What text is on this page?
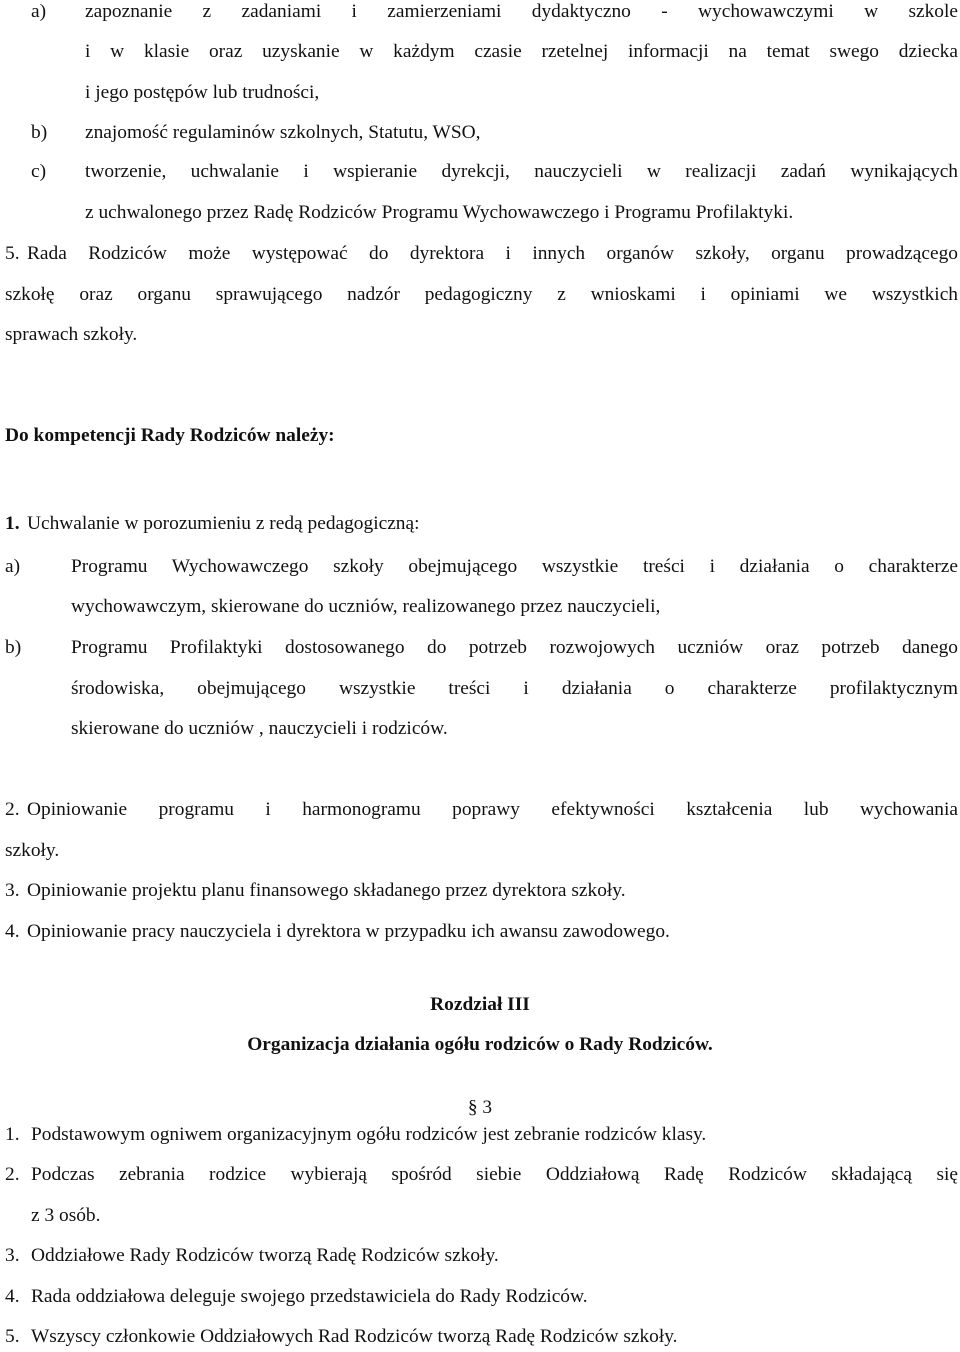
a) zapoznanie z zadaniami i zamierzeniami dydaktyczno - wychowawczymi w szkole
i w klasie oraz uzyskanie w każdym czasie rzetelnej informacji na temat swego dziecka
i jego postępów lub trudności,
b) znajomość regulaminów szkolnych, Statutu, WSO,
c) tworzenie, uchwalanie i wspieranie dyrekcji, nauczycieli w realizacji zadań wynikających
z uchwalonego przez Radę Rodziców Programu Wychowawczego i Programu Profilaktyki.
5. Rada Rodziców może występować do dyrektora i innych organów szkoły, organu prowadzącego
szkołę oraz organu sprawującego nadzór pedagogiczny z wnioskami i opiniami we wszystkich
sprawach szkoły.
Do kompetencji Rady Rodziców należy:
1. Uchwalanie w porozumieniu z redą pedagogiczną:
a)	Programu Wychowawczego szkoły obejmującego wszystkie treści i działania o charakterze
wychowawczym, skierowane do uczniów, realizowanego przez nauczycieli,
b)	Programu Profilaktyki dostosowanego do potrzeb rozwojowych uczniów oraz potrzeb danego
środowiska, obejmującego wszystkie treści i działania o charakterze profilaktycznym
skierowane do uczniów , nauczycieli i rodziców.
2. Opiniowanie programu i harmonogramu poprawy efektywności kształcenia lub wychowania
szkoły.
3. Opiniowanie projektu planu finansowego składanego przez dyrektora szkoły.
4. Opiniowanie pracy nauczyciela i dyrektora w przypadku ich awansu zawodowego.
Rozdział III
Organizacja działania ogółu rodziców o Rady Rodziców.
§ 3
1. Podstawowym ogniwem organizacyjnym ogółu rodziców jest zebranie rodziców klasy.
2. Podczas zebrania rodzice wybierają spośród siebie Oddziałową Radę Rodziców składającą się
z 3 osób.
3. Oddziałowe Rady Rodziców tworzą Radę Rodziców szkoły.
4. Rada oddziałowa deleguje swojego przedstawiciela do Rady Rodziców.
5. Wszyscy członkowie Oddziałowych Rad Rodziców tworzą Radę Rodziców szkoły.
